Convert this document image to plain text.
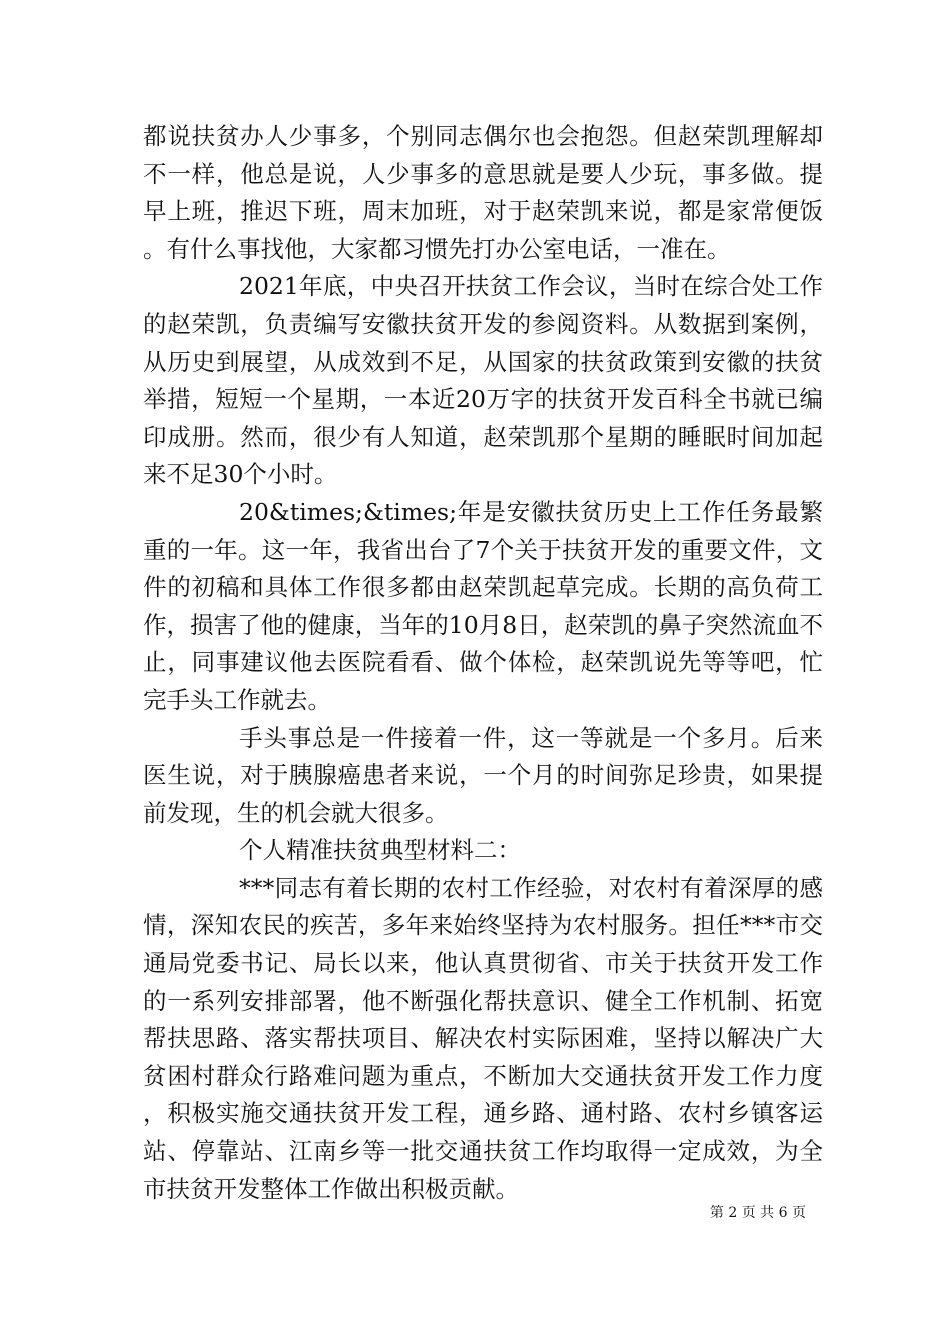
都说扶贫办人少事多，个别同志偶尔也会抱怨。但赵荣凯理解却不一样，他总是说，人少事多的意思就是要人少玩，事多做。提早上班，推迟下班，周末加班，对于赵荣凯来说，都是家常便饭。有什么事找他，大家都习惯先打办公室电话，一准在。

2021年底，中央召开扶贫工作会议，当时在综合处工作的赵荣凯，负责编写安徽扶贫开发的参阅资料。从数据到案例，从历史到展望，从成效到不足，从国家的扶贫政策到安徽的扶贫举措，短短一个星期，一本近20万字的扶贫开发百科全书就已编印成册。然而，很少有人知道，赵荣凯那个星期的睡眠时间加起来不足30个小时。

20&times;&times;年是安徽扶贫历史上工作任务最繁重的一年。这一年，我省出台了7个关于扶贫开发的重要文件，文件的初稿和具体工作很多都由赵荣凯起草完成。长期的高负荷工作，损害了他的健康，当年的10月8日，赵荣凯的鼻子突然流血不止，同事建议他去医院看看、做个体检，赵荣凯说先等等吧，忙完手头工作就去。

手头事总是一件接着一件，这一等就是一个多月。后来医生说，对于胰腺癌患者来说，一个月的时间弥足珍贵，如果提前发现，生的机会就大很多。

个人精准扶贫典型材料二：

***同志有着长期的农村工作经验，对农村有着深厚的感情，深知农民的疾苦，多年来始终坚持为农村服务。担任***市交通局党委书记、局长以来，他认真贯彻省、市关于扶贫开发工作的一系列安排部署，他不断强化帮扶意识、健全工作机制、拓宽帮扶思路、落实帮扶项目、解决农村实际困难，坚持以解决广大贫困村群众行路难问题为重点，不断加大交通扶贫开发工作力度，积极实施交通扶贫开发工程，通乡路、通村路、农村乡镇客运站、停靠站、江南乡等一批交通扶贫工作均取得一定成效，为全市扶贫开发整体工作做出积极贡献。

第 2 页 共 6 页
